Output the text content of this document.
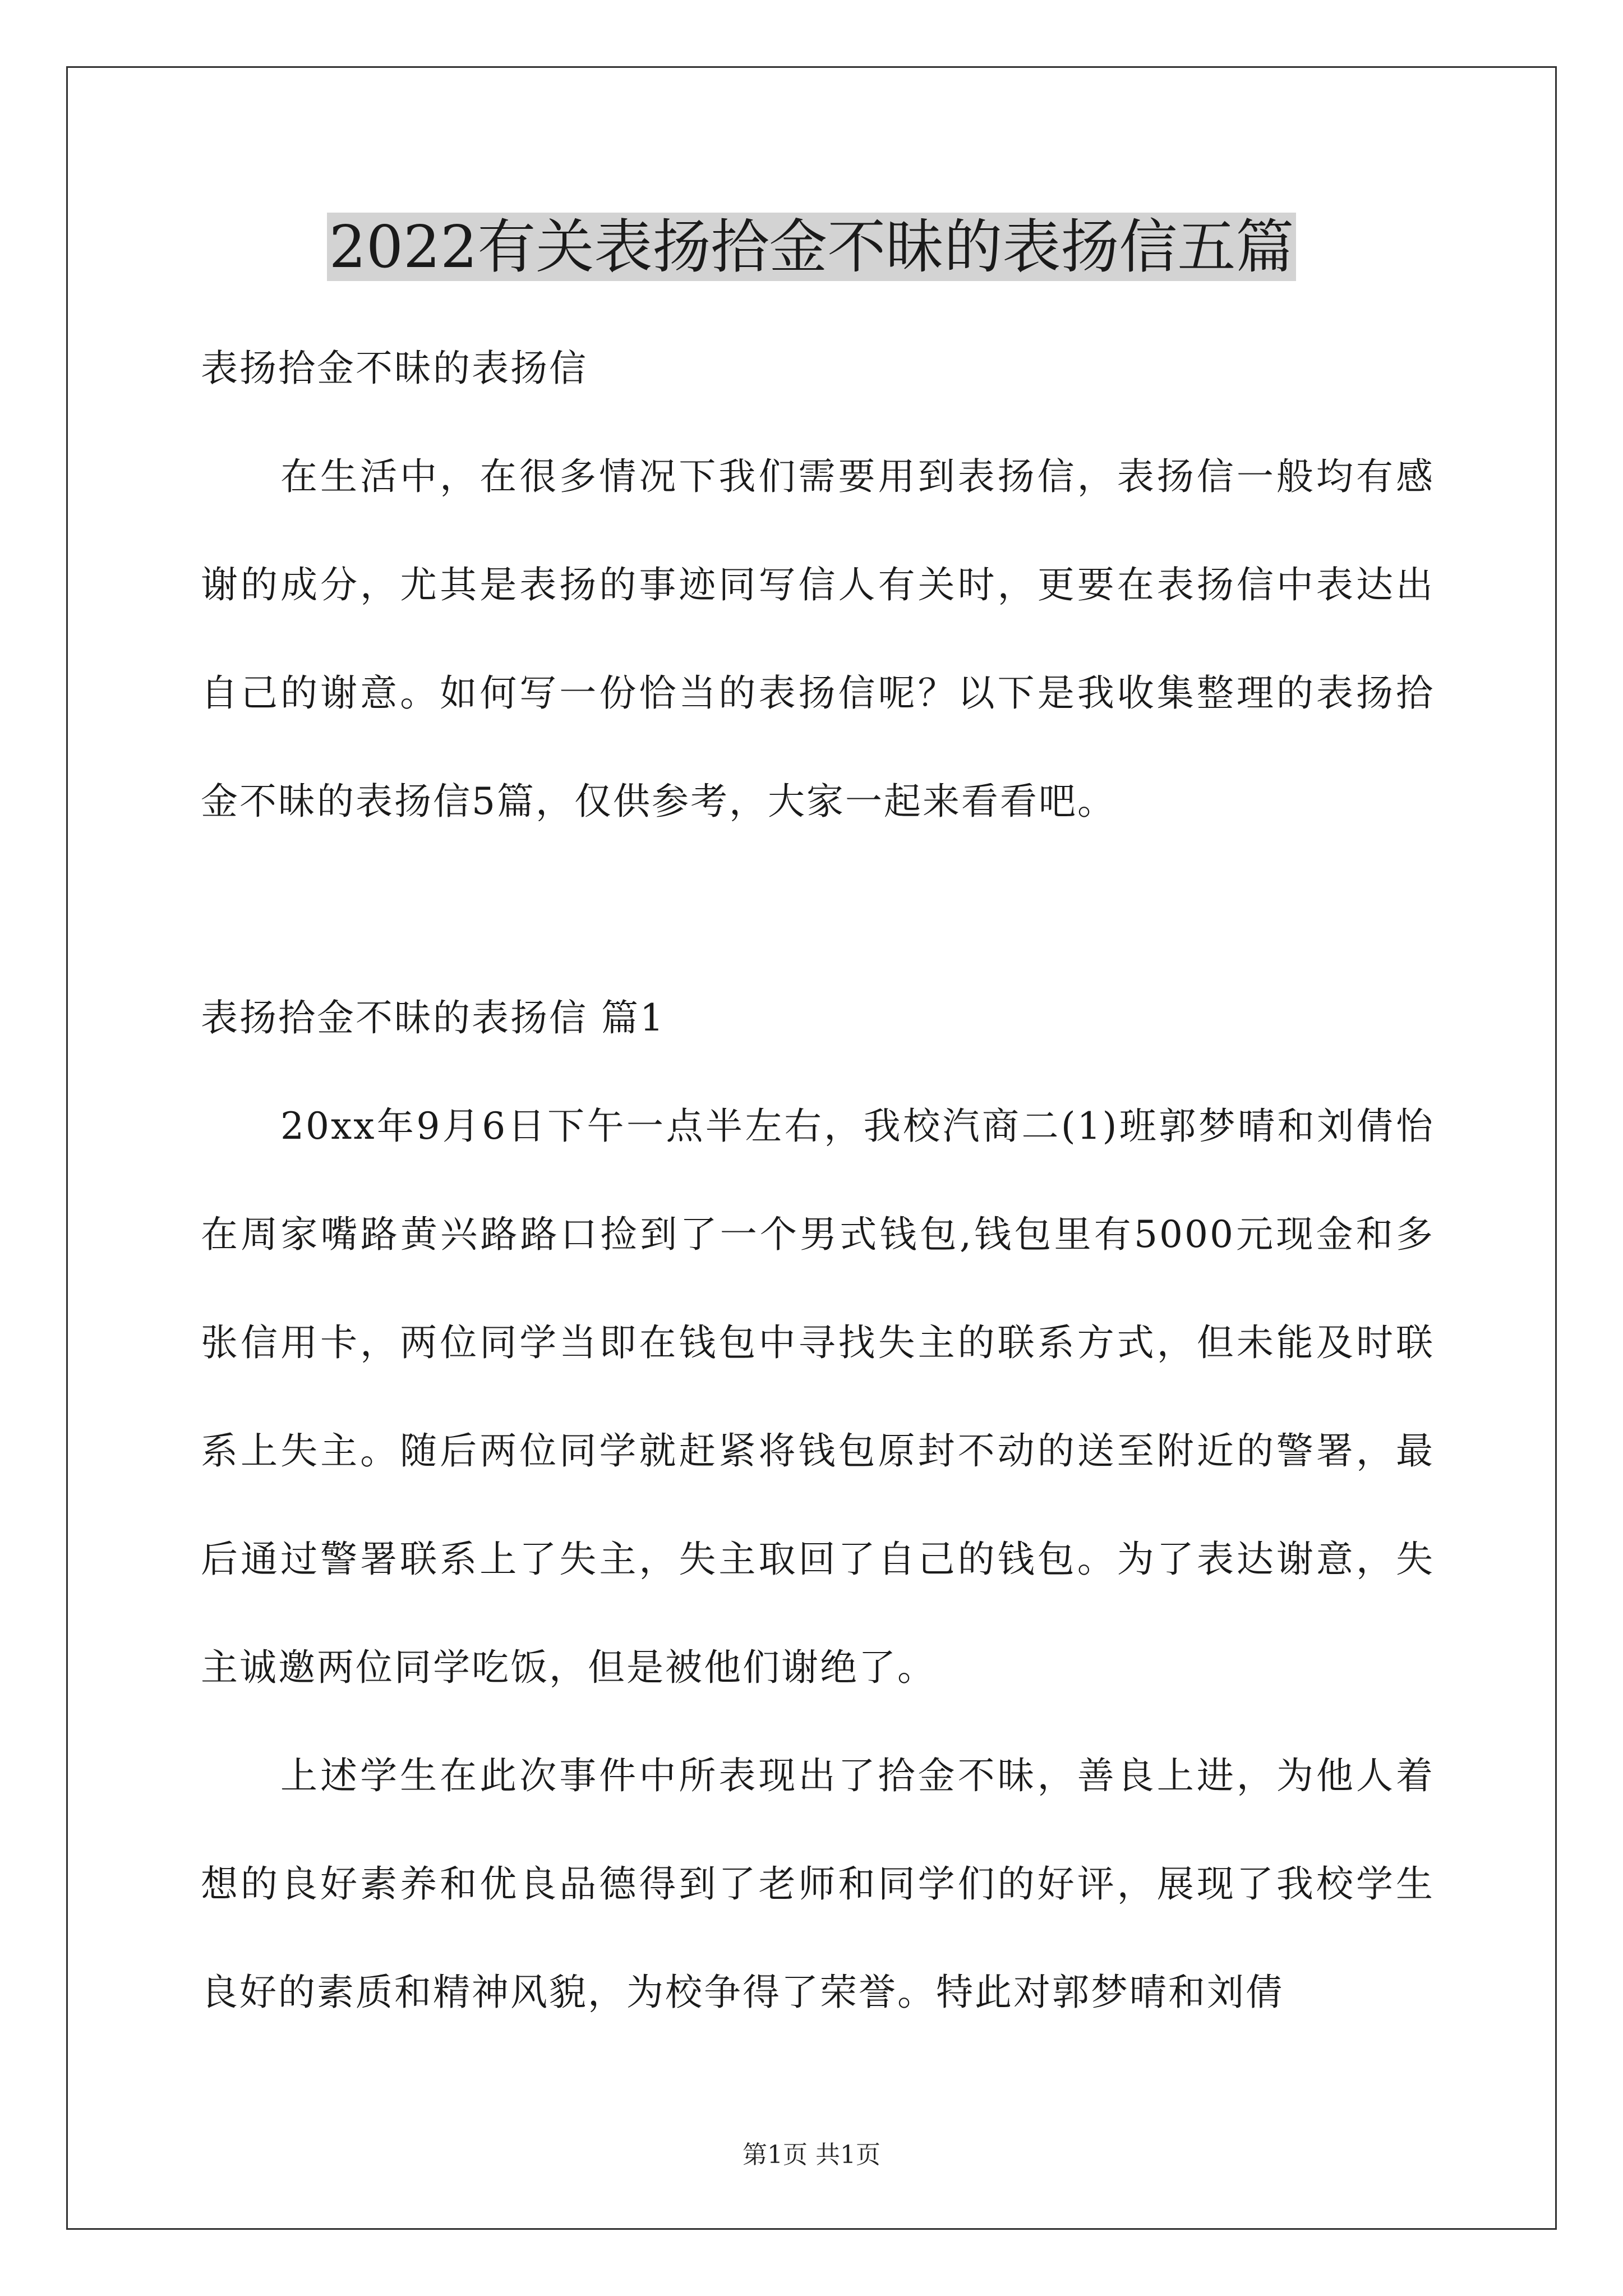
2022有关表扬拾金不昧的表扬信五篇

表扬拾金不昧的表扬信

在生活中，在很多情况下我们需要用到表扬信，表扬信一般均有感谢的成分，尤其是表扬的事迹同写信人有关时，更要在表扬信中表达出自己的谢意。如何写一份恰当的表扬信呢？以下是我收集整理的表扬拾金不昧的表扬信5篇，仅供参考，大家一起来看看吧。

表扬拾金不昧的表扬信 篇1

20xx年9月6日下午一点半左右，我校汽商二(1)班郭梦晴和刘倩怡在周家嘴路黄兴路路口捡到了一个男式钱包,钱包里有5000元现金和多张信用卡，两位同学当即在钱包中寻找失主的联系方式，但未能及时联系上失主。随后两位同学就赶紧将钱包原封不动的送至附近的警署，最后通过警署联系上了失主，失主取回了自己的钱包。为了表达谢意，失主诚邀两位同学吃饭，但是被他们谢绝了。

上述学生在此次事件中所表现出了拾金不昧，善良上进，为他人着想的良好素养和优良品德得到了老师和同学们的好评，展现了我校学生良好的素质和精神风貌，为校争得了荣誉。特此对郭梦晴和刘倩

第1页 共1页
